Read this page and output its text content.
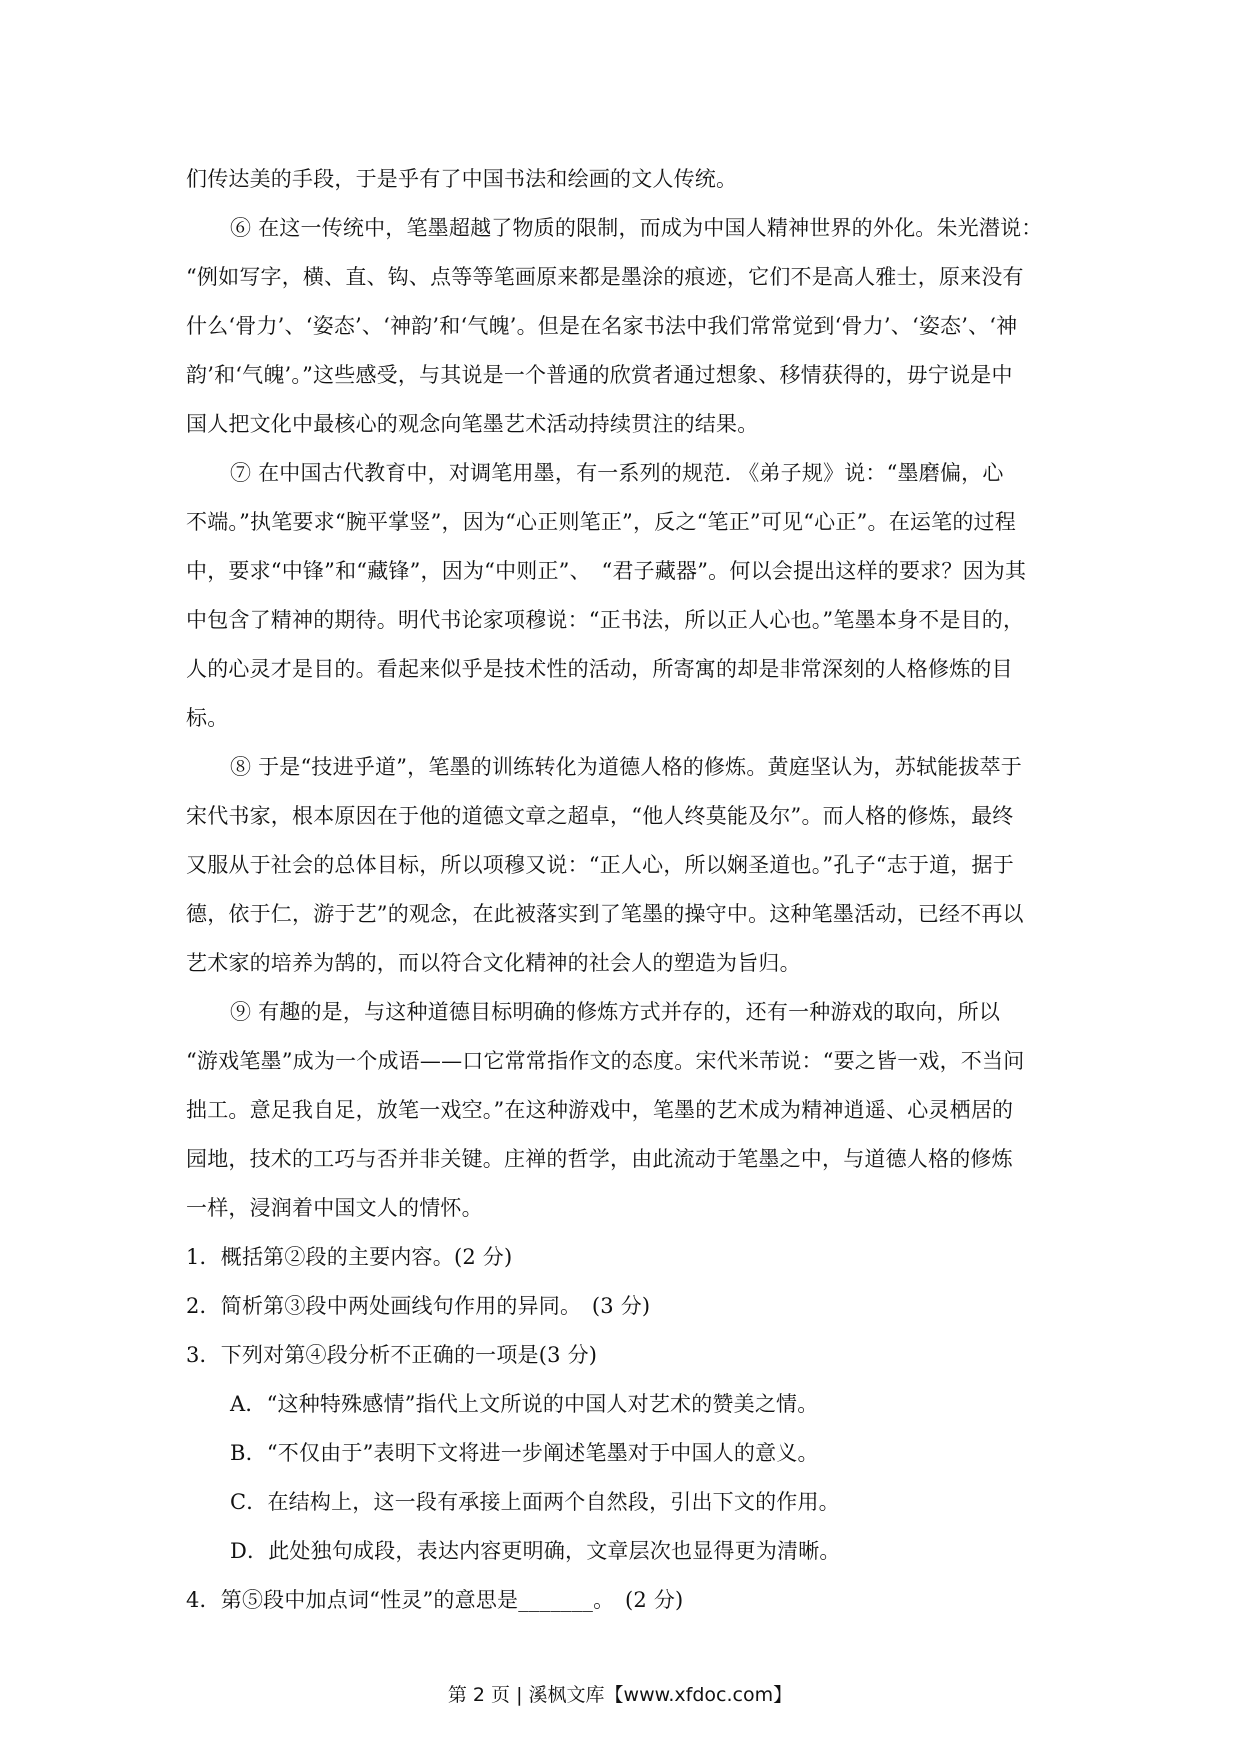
们传达美的手段，于是乎有了中国书法和绘画的文人传统。
⑥ 在这一传统中，笔墨超越了物质的限制，而成为中国人精神世界的外化。朱光潜说：
“例如写字，横、直、钩、点等等笔画原来都是墨涂的痕迹，它们不是高人雅士，原来没有
什么‘骨力’、‘姿态’、‘神韵’和‘气魄’。但是在名家书法中我们常常觉到‘骨力’、‘姿态’、‘神
韵’和‘气魄’。”这些感受，与其说是一个普通的欣赏者通过想象、移情获得的，毋宁说是中
国人把文化中最核心的观念向笔墨艺术活动持续贯注的结果。
⑦ 在中国古代教育中，对调笔用墨，有一系列的规范. 《弟子规》说：“墨磨偏，心
不端。”执笔要求“腕平掌竖”，因为“心正则笔正”，反之“笔正”可见“心正”。在运笔的过程
中，要求“中锋”和“藏锋”，因为“中则正”、　“君子藏器”。何以会提出这样的要求？因为其
中包含了精神的期待。明代书论家项穆说：“正书法，所以正人心也。”笔墨本身不是目的，
人的心灵才是目的。看起来似乎是技术性的活动，所寄寓的却是非常深刻的人格修炼的目
标。
⑧ 于是“技进乎道”，笔墨的训练转化为道德人格的修炼。黄庭坚认为，苏轼能拔萃于
宋代书家，根本原因在于他的道德文章之超卓，“他人终莫能及尔”。而人格的修炼，最终
又服从于社会的总体目标，所以项穆又说：“正人心，所以娴圣道也。”孔子“志于道，据于
德，依于仁，游于艺”的观念，在此被落实到了笔墨的操守中。这种笔墨活动，已经不再以
艺术家的培养为鹄的，而以符合文化精神的社会人的塑造为旨归。
⑨ 有趣的是，与这种道德目标明确的修炼方式并存的，还有一种游戏的取向，所以
“游戏笔墨”成为一个成语——口它常常指作文的态度。宋代米芾说：“要之皆一戏，不当问
拙工。意足我自足，放笔一戏空。”在这种游戏中，笔墨的艺术成为精神逍遥、心灵栖居的
园地，技术的工巧与否并非关键。庄禅的哲学，由此流动于笔墨之中，与道德人格的修炼
一样，浸润着中国文人的情怀。
1．概括第②段的主要内容。(2 分)
2．简析第③段中两处画线句作用的异同。　(3 分)
3．下列对第④段分析不正确的一项是(3 分)
A．“这种特殊感情”指代上文所说的中国人对艺术的赞美之情。
B．“不仅由于”表明下文将进一步阐述笔墨对于中国人的意义。
C．在结构上，这一段有承接上面两个自然段，引出下文的作用。
D．此处独句成段，表达内容更明确，文章层次也显得更为清晰。
4．第⑤段中加点词“性灵”的意思是_______。　(2 分)
第 2 页 | 溪枫文库【www.xfdoc.com】
